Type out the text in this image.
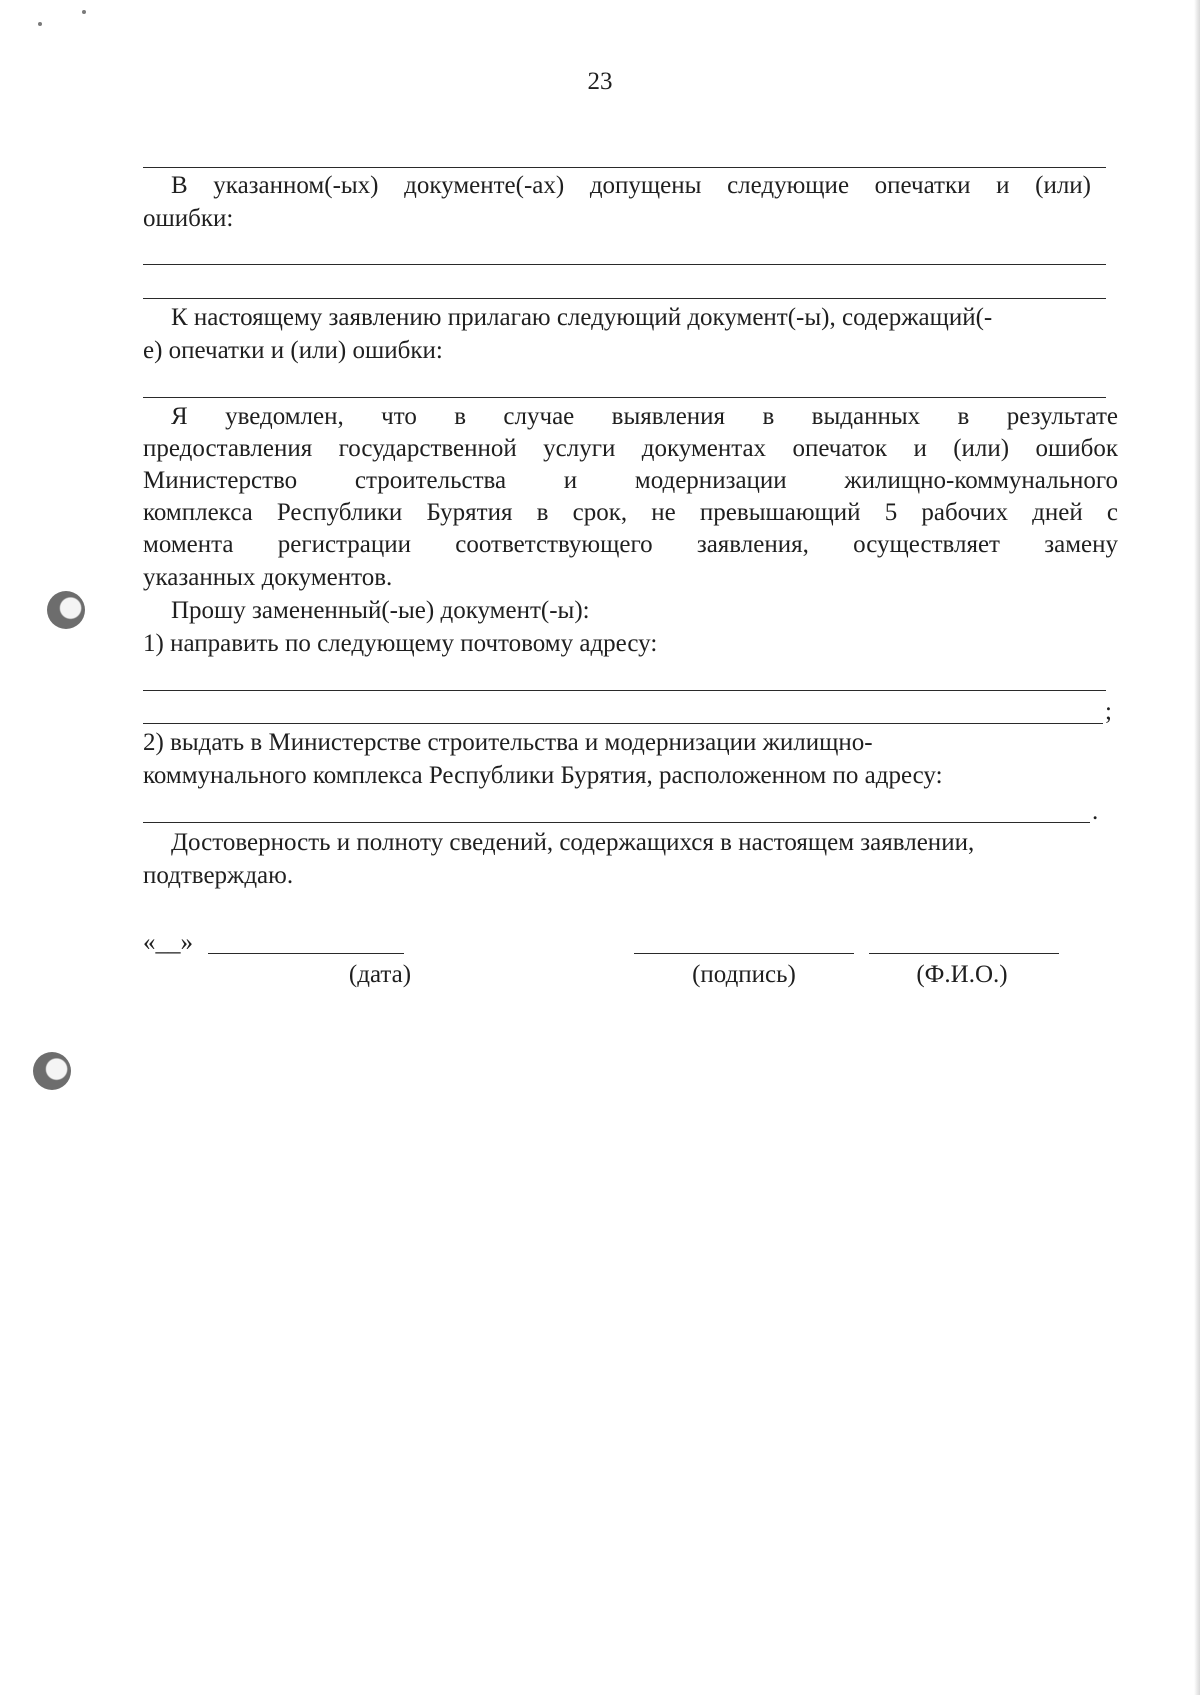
23
В указанном(-ых) документе(-ах) допущены следующие опечатки и (или)
ошибки:
К настоящему заявлению прилагаю следующий документ(-ы), содержащий(-
е) опечатки и (или) ошибки:
Я уведомлен, что в случае выявления в выданных в результате
предоставления государственной услуги документах опечаток и (или) ошибок
Министерство строительства и модернизации жилищно-коммунального
комплекса Республики Бурятия в срок, не превышающий 5 рабочих дней с
момента регистрации соответствующего заявления, осуществляет замену
указанных документов.
Прошу замененный(-ые) документ(-ы):
1) направить по следующему почтовому адресу:
;
2) выдать в Министерстве строительства и модернизации жилищно-
коммунального комплекса Республики Бурятия, расположенном по адресу:
.
Достоверность и полноту сведений, содержащихся в настоящем заявлении,
подтверждаю.
«__»
(дата)	(подпись)	(Ф.И.О.)
